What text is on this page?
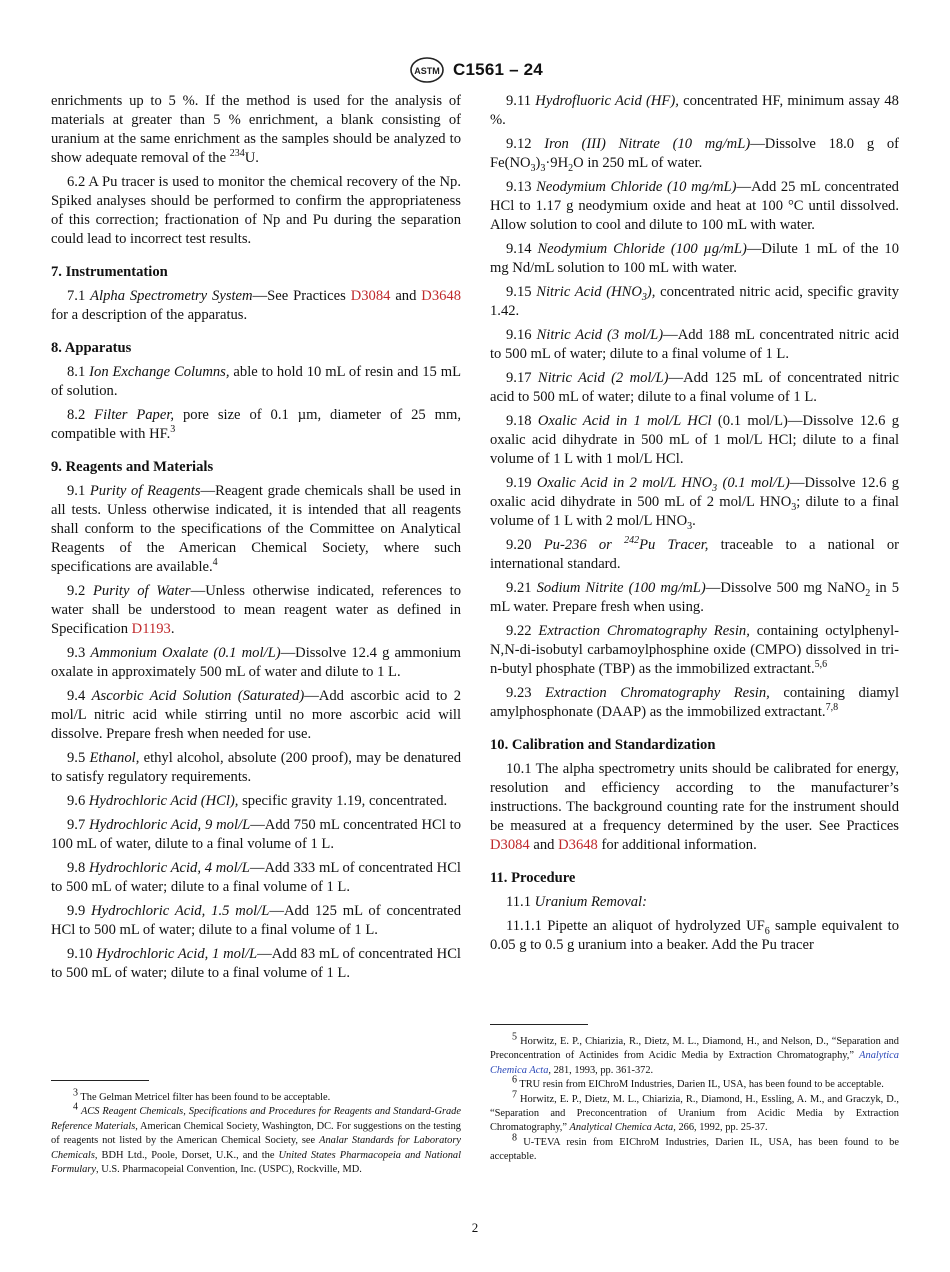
ASTM C1561 – 24

enrichments up to 5 %. If the method is used for the analysis of materials at greater than 5 % enrichment, a blank consisting of uranium at the same enrichment as the samples should be analyzed to show adequate removal of the $^{234}$U.

6.2 A Pu tracer is used to monitor the chemical recovery of the Np. Spiked analyses should be performed to confirm the appropriateness of this correction; fractionation of Np and Pu during the separation could lead to incorrect test results.

7. Instrumentation

7.1 Alpha Spectrometry System—See Practices D3084 and D3648 for a description of the apparatus.

8. Apparatus

8.1 Ion Exchange Columns, able to hold 10 mL of resin and 15 mL of solution.

8.2 Filter Paper, pore size of 0.1 µm, diameter of 25 mm, compatible with HF.$^3$

9. Reagents and Materials

9.1 Purity of Reagents—Reagent grade chemicals shall be used in all tests. Unless otherwise indicated, it is intended that all reagents shall conform to the specifications of the Committee on Analytical Reagents of the American Chemical Society, where such specifications are available.$^4$

9.2 Purity of Water—Unless otherwise indicated, references to water shall be understood to mean reagent water as defined in Specification D1193.

9.3 Ammonium Oxalate (0.1 mol/L)—Dissolve 12.4 g ammonium oxalate in approximately 500 mL of water and dilute to 1 L.

9.4 Ascorbic Acid Solution (Saturated)—Add ascorbic acid to 2 mol/L nitric acid while stirring until no more ascorbic acid will dissolve. Prepare fresh when needed for use.

9.5 Ethanol, ethyl alcohol, absolute (200 proof), may be denatured to satisfy regulatory requirements.

9.6 Hydrochloric Acid (HCl), specific gravity 1.19, concentrated.

9.7 Hydrochloric Acid, 9 mol/L—Add 750 mL concentrated HCl to 100 mL of water, dilute to a final volume of 1 L.

9.8 Hydrochloric Acid, 4 mol/L—Add 333 mL of concentrated HCl to 500 mL of water; dilute to a final volume of 1 L.

9.9 Hydrochloric Acid, 1.5 mol/L—Add 125 mL of concentrated HCl to 500 mL of water; dilute to a final volume of 1 L.

9.10 Hydrochloric Acid, 1 mol/L—Add 83 mL of concentrated HCl to 500 mL of water; dilute to a final volume of 1 L.

9.11 Hydrofluoric Acid (HF), concentrated HF, minimum assay 48 %.

9.12 Iron (III) Nitrate (10 mg/mL)—Dissolve 18.0 g of $Fe(NO_3)_3\cdot 9H_2O$ in 250 mL of water.

9.13 Neodymium Chloride (10 mg/mL)—Add 25 mL concentrated HCl to 1.17 g neodymium oxide and heat at 100 °C until dissolved. Allow solution to cool and dilute to 100 mL with water.

9.14 Neodymium Chloride (100 µg/mL)—Dilute 1 mL of the 10 mg Nd/mL solution to 100 mL with water.

9.15 Nitric Acid $(HNO_3)$, concentrated nitric acid, specific gravity 1.42.

9.16 Nitric Acid (3 mol/L)—Add 188 mL concentrated nitric acid to 500 mL of water; dilute to a final volume of 1 L.

9.17 Nitric Acid (2 mol/L)—Add 125 mL of concentrated nitric acid to 500 mL of water; dilute to a final volume of 1 L.

9.18 Oxalic Acid in 1 mol/L HCl (0.1 mol/L)—Dissolve 12.6 g oxalic acid dihydrate in 500 mL of 1 mol/L HCl; dilute to a final volume of 1 L with 1 mol/L HCl.

9.19 Oxalic Acid in 2 mol/L $HNO_3$ (0.1 mol/L)—Dissolve 12.6 g oxalic acid dihydrate in 500 mL of 2 mol/L $HNO_3$; dilute to a final volume of 1 L with 2 mol/L $HNO_3$.

9.20 Pu-236 or $^{242}$Pu Tracer, traceable to a national or international standard.

9.21 Sodium Nitrite (100 mg/mL)—Dissolve 500 mg NaNO$_2$ in 5 mL water. Prepare fresh when using.

9.22 Extraction Chromatography Resin, containing octylphenyl-N,N-di-isobutyl carbamoylphosphine oxide (CMPO) dissolved in tri-n-butyl phosphate (TBP) as the immobilized extractant.$^{5,6}$

9.23 Extraction Chromatography Resin, containing diamyl amylphosphonate (DAAP) as the immobilized extractant.$^{7,8}$

10. Calibration and Standardization

10.1 The alpha spectrometry units should be calibrated for energy, resolution and efficiency according to the manufacturer’s instructions. The background counting rate for the instrument should be measured at a frequency determined by the user. See Practices D3084 and D3648 for additional information.

11. Procedure

11.1 Uranium Removal:

11.1.1 Pipette an aliquot of hydrolyzed $UF_6$ sample equivalent to 0.05 g to 0.5 g uranium into a beaker. Add the Pu tracer

$^3$ The Gelman Metricel filter has been found to be acceptable.

$^4$ ACS Reagent Chemicals, Specifications and Procedures for Reagents and Standard-Grade Reference Materials, American Chemical Society, Washington, DC. For suggestions on the testing of reagents not listed by the American Chemical Society, see Analar Standards for Laboratory Chemicals, BDH Ltd., Poole, Dorset, U.K., and the United States Pharmacopeia and National Formulary, U.S. Pharmacopeial Convention, Inc. (USPC), Rockville, MD.

$^5$ Horwitz, E. P., Chiarizia, R., Dietz, M. L., Diamond, H., and Nelson, D., “Separation and Preconcentration of Actinides from Acidic Media by Extraction Chromatography,” Analytica Chemica Acta, 281, 1993, pp. 361-372.

$^6$ TRU resin from EIChroM Industries, Darien IL, USA, has been found to be acceptable.

$^7$ Horwitz, E. P., Dietz, M. L., Chiarizia, R., Diamond, H., Essling, A. M., and Graczyk, D., “Separation and Preconcentration of Uranium from Acidic Media by Extraction Chromatography,” Analytical Chemica Acta, 266, 1992, pp. 25-37.

$^8$ U-TEVA resin from EIChroM Industries, Darien IL, USA, has been found to be acceptable.

2
